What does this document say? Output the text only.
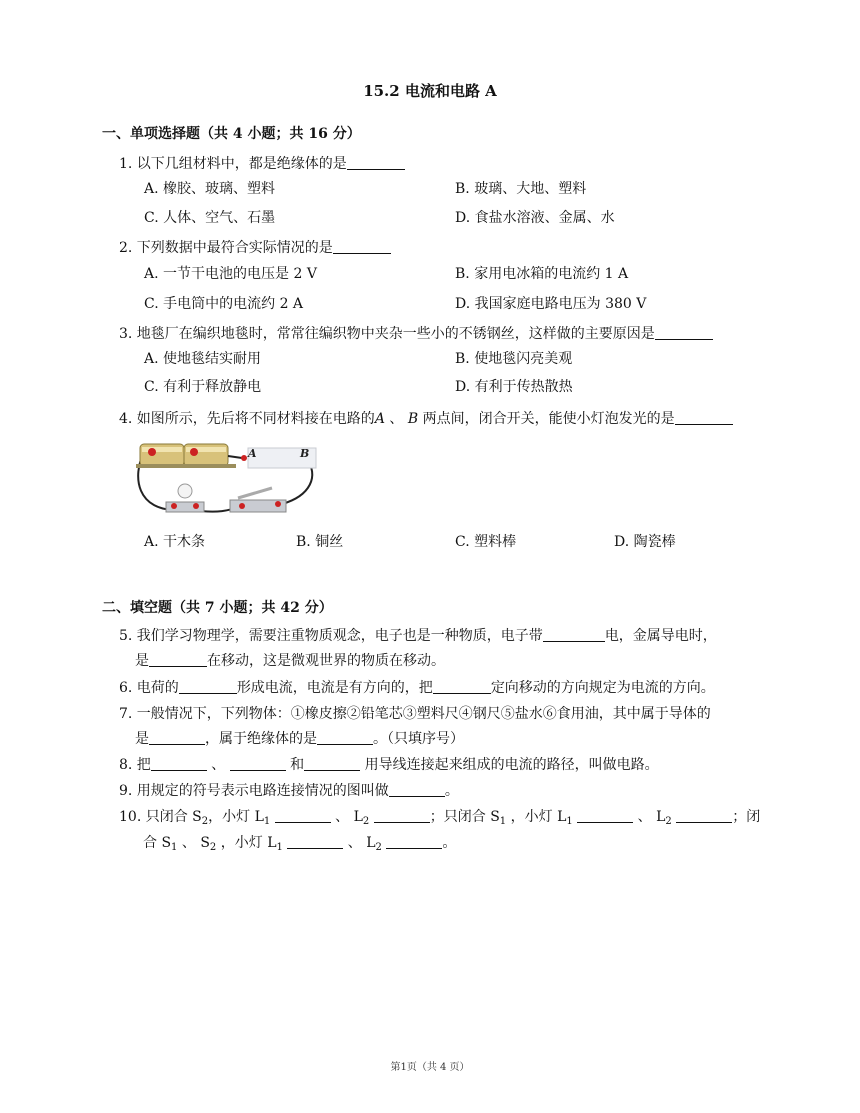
15.2 电流和电路 A
一、单项选择题（共 4 小题；共 16 分）
1. 以下几组材料中，都是绝缘体的是
A. 橡胶、玻璃、塑料	B. 玻璃、大地、塑料
C. 人体、空气、石墨	D. 食盐水溶液、金属、水
2. 下列数据中最符合实际情况的是
A. 一节干电池的电压是 2 V	B. 家用电冰箱的电流约 1 A
C. 手电筒中的电流约 2 A	D. 我国家庭电路电压为 380 V
3. 地毯厂在编织地毯时，常常往编织物中夹杂一些小的不锈钢丝，这样做的主要原因是
A. 使地毯结实耐用	B. 使地毯闪亮美观
C. 有利于释放静电	D. 有利于传热散热
4. 如图所示，先后将不同材料接在电路的A 、 B 两点间，闭合开关，能使小灯泡发光的是
A	B
A. 干木条	B. 铜丝	C. 塑料棒	D. 陶瓷棒
二、填空题（共 7 小题；共 42 分）
5. 我们学习物理学，需要注重物质观念，电子也是一种物质，电子带	电，金属导电时，
是	在移动，这是微观世界的物质在移动。
6. 电荷的	形成电流，电流是有方向的，把	定向移动的方向规定为电流的方向。
7. 一般情况下，下列物体：①橡皮擦②铅笔芯③塑料尺④钢尺⑤盐水⑥食用油，其中属于导体的
是	，属于绝缘体的是	。（只填序号）
8. 把	、	和	用导线连接起来组成的电流的路径，叫做电路。
9. 用规定的符号表示电路连接情况的图叫做	。
10. 只闭合 $S_2$，小灯 $L_1$	、 $L_2$	；只闭合 $S_1$ ，小灯 $L_1$	、 $L_2$	；闭
合 $S_1$ 、 $S_2$ ，小灯 $L_1$	、 $L_2$	。
第1页（共 4 页）
